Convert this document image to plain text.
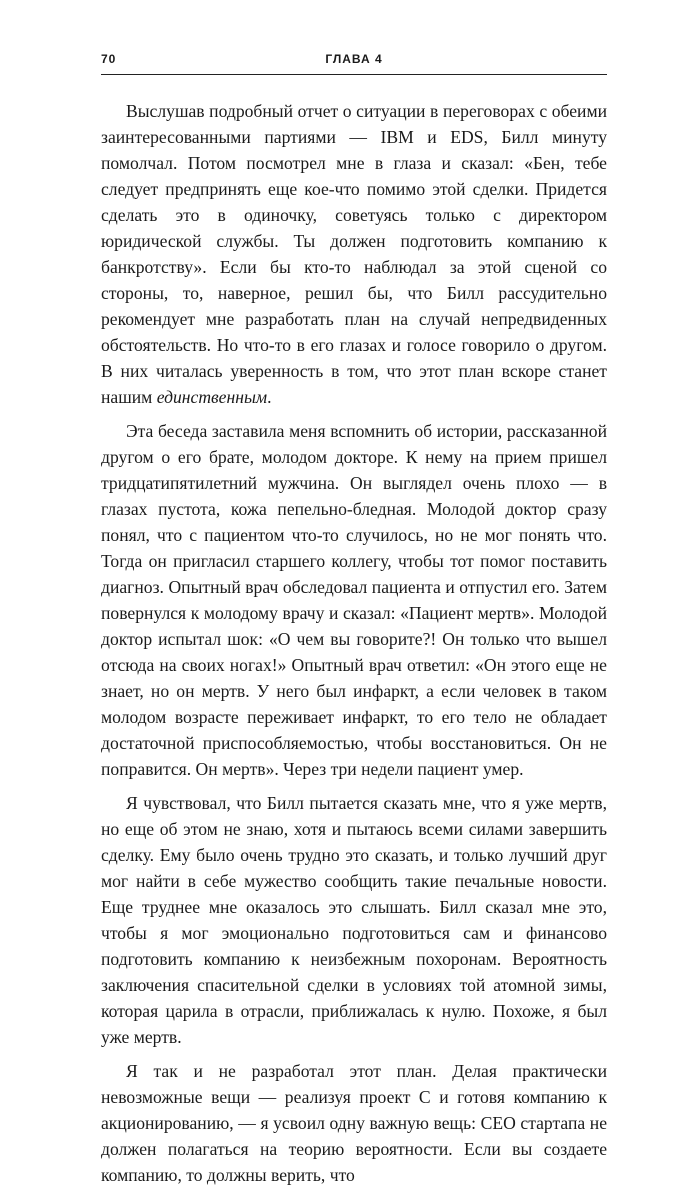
70	ГЛАВА 4

Выслушав подробный отчет о ситуации в переговорах с обеими заинтересованными партиями — IBM и EDS, Билл минуту помолчал. Потом посмотрел мне в глаза и сказал: «Бен, тебе следует предпринять еще кое-что помимо этой сделки. Придется сделать это в одиночку, советуясь только с директором юридической службы. Ты должен подготовить компанию к банкротству». Если бы кто-то наблюдал за этой сценой со стороны, то, наверное, решил бы, что Билл рассудительно рекомендует мне разработать план на случай непредвиденных обстоятельств. Но что-то в его глазах и голосе говорило о другом. В них читалась уверенность в том, что этот план вскоре станет нашим единственным.

Эта беседа заставила меня вспомнить об истории, рассказанной другом о его брате, молодом докторе. К нему на прием пришел тридцатипятилетний мужчина. Он выглядел очень плохо — в глазах пустота, кожа пепельно-бледная. Молодой доктор сразу понял, что с пациентом что-то случилось, но не мог понять что. Тогда он пригласил старшего коллегу, чтобы тот помог поставить диагноз. Опытный врач обследовал пациента и отпустил его. Затем повернулся к молодому врачу и сказал: «Пациент мертв». Молодой доктор испытал шок: «О чем вы говорите?! Он только что вышел отсюда на своих ногах!» Опытный врач ответил: «Он этого еще не знает, но он мертв. У него был инфаркт, а если человек в таком молодом возрасте переживает инфаркт, то его тело не обладает достаточной приспособляемостью, чтобы восстановиться. Он не поправится. Он мертв». Через три недели пациент умер.

Я чувствовал, что Билл пытается сказать мне, что я уже мертв, но еще об этом не знаю, хотя и пытаюсь всеми силами завершить сделку. Ему было очень трудно это сказать, и только лучший друг мог найти в себе мужество сообщить такие печальные новости. Еще труднее мне оказалось это слышать. Билл сказал мне это, чтобы я мог эмоционально подготовиться сам и финансово подготовить компанию к неизбежным похоронам. Вероятность заключения спасительной сделки в условиях той атомной зимы, которая царила в отрасли, приближалась к нулю. Похоже, я был уже мертв.

Я так и не разработал этот план. Делая практически невозможные вещи — реализуя проект C и готовя компанию к акционированию, — я усвоил одну важную вещь: CEO стартапа не должен полагаться на теорию вероятности. Если вы создаете компанию, то должны верить, что
